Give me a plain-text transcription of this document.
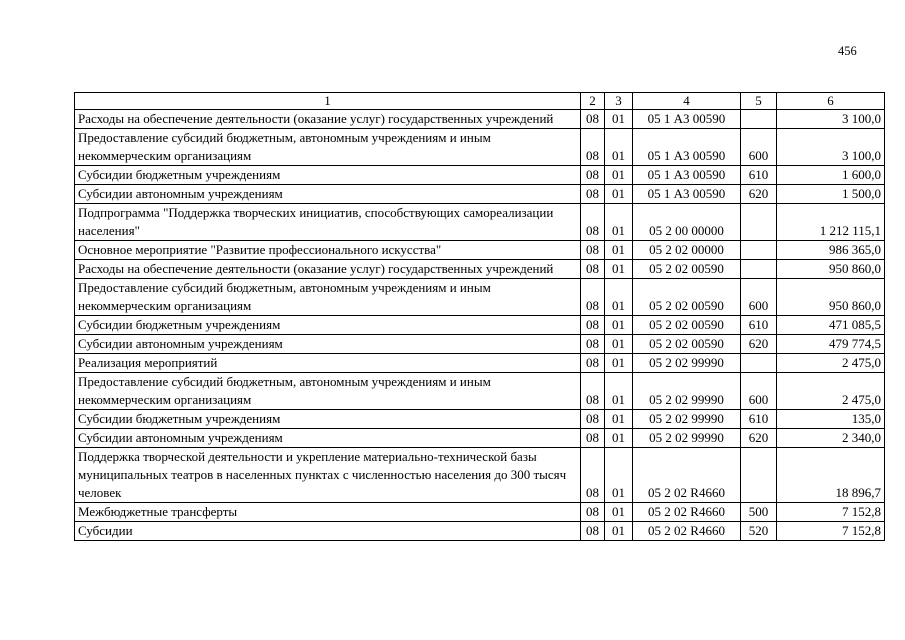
456
1	2	3	4	5	6
Расходы на обеспечение деятельности (оказание услуг) государственных учреждений	08	01	05 1 А3 00590		3 100,0
Предоставление субсидий бюджетным, автономным учреждениям и иным некоммерческим организациям	08	01	05 1 А3 00590	600	3 100,0
Субсидии бюджетным учреждениям	08	01	05 1 А3 00590	610	1 600,0
Субсидии автономным учреждениям	08	01	05 1 А3 00590	620	1 500,0
Подпрограмма "Поддержка творческих инициатив, способствующих самореализации населения"	08	01	05 2 00 00000		1 212 115,1
Основное мероприятие "Развитие профессионального искусства"	08	01	05 2 02 00000		986 365,0
Расходы на обеспечение деятельности (оказание услуг) государственных учреждений	08	01	05 2 02 00590		950 860,0
Предоставление субсидий бюджетным, автономным учреждениям и иным некоммерческим организациям	08	01	05 2 02 00590	600	950 860,0
Субсидии бюджетным учреждениям	08	01	05 2 02 00590	610	471 085,5
Субсидии автономным учреждениям	08	01	05 2 02 00590	620	479 774,5
Реализация мероприятий	08	01	05 2 02 99990		2 475,0
Предоставление субсидий бюджетным, автономным учреждениям и иным некоммерческим организациям	08	01	05 2 02 99990	600	2 475,0
Субсидии бюджетным учреждениям	08	01	05 2 02 99990	610	135,0
Субсидии автономным учреждениям	08	01	05 2 02 99990	620	2 340,0
Поддержка творческой деятельности и укрепление материально-технической базы муниципальных театров в населенных пунктах с численностью населения до 300 тысяч человек	08	01	05 2 02 R4660		18 896,7
Межбюджетные трансферты	08	01	05 2 02 R4660	500	7 152,8
Субсидии	08	01	05 2 02 R4660	520	7 152,8
